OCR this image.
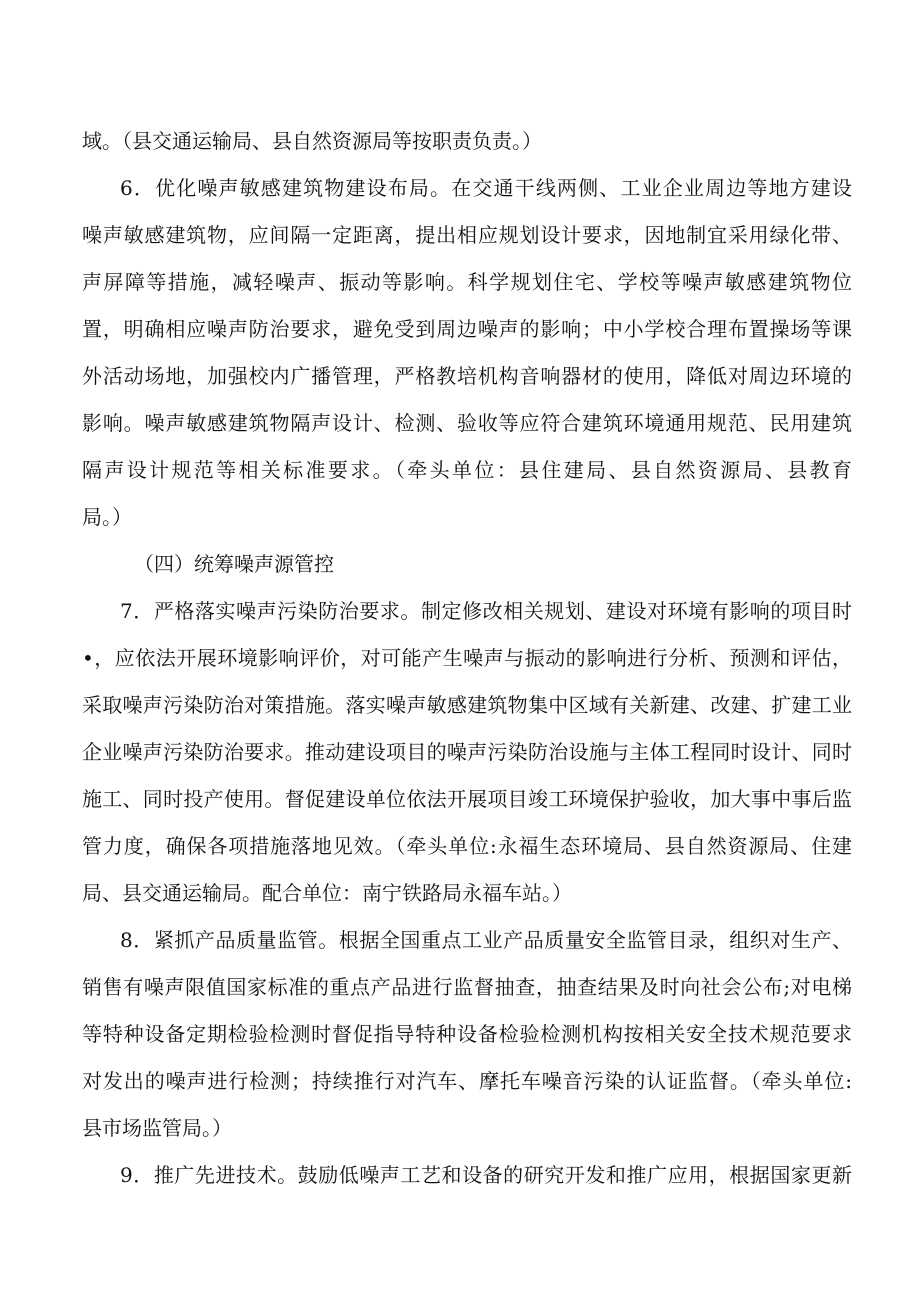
域。（县交通运输局、县自然资源局等按职责负责。）
6．优化噪声敏感建筑物建设布局。在交通干线两侧、工业企业周边等地方建设
噪声敏感建筑物，应间隔一定距离，提出相应规划设计要求，因地制宜采用绿化带、
声屏障等措施，减轻噪声、振动等影响。科学规划住宅、学校等噪声敏感建筑物位
置，明确相应噪声防治要求，避免受到周边噪声的影响；中小学校合理布置操场等课
外活动场地，加强校内广播管理，严格教培机构音响器材的使用，降低对周边环境的
影响。噪声敏感建筑物隔声设计、检测、验收等应符合建筑环境通用规范、民用建筑
隔声设计规范等相关标准要求。（牵头单位：县住建局、县自然资源局、县教育
局。）
（四）统筹噪声源管控
7．严格落实噪声污染防治要求。制定修改相关规划、建设对环境有影响的项目时
•，应依法开展环境影响评价，对可能产生噪声与振动的影响进行分析、预测和评估，
采取噪声污染防治对策措施。落实噪声敏感建筑物集中区域有关新建、改建、扩建工业
企业噪声污染防治要求。推动建设项目的噪声污染防治设施与主体工程同时设计、同时
施工、同时投产使用。督促建设单位依法开展项目竣工环境保护验收，加大事中事后监
管力度，确保各项措施落地见效。（牵头单位:永福生态环境局、县自然资源局、住建
局、县交通运输局。配合单位：南宁铁路局永福车站。）
8．紧抓产品质量监管。根据全国重点工业产品质量安全监管目录，组织对生产、
销售有噪声限值国家标准的重点产品进行监督抽查，抽查结果及时向社会公布;对电梯
等特种设备定期检验检测时督促指导特种设备检验检测机构按相关安全技术规范要求
对发出的噪声进行检测；持续推行对汽车、摩托车噪音污染的认证监督。（牵头单位:
县市场监管局。）
9．推广先进技术。鼓励低噪声工艺和设备的研究开发和推广应用，根据国家更新
